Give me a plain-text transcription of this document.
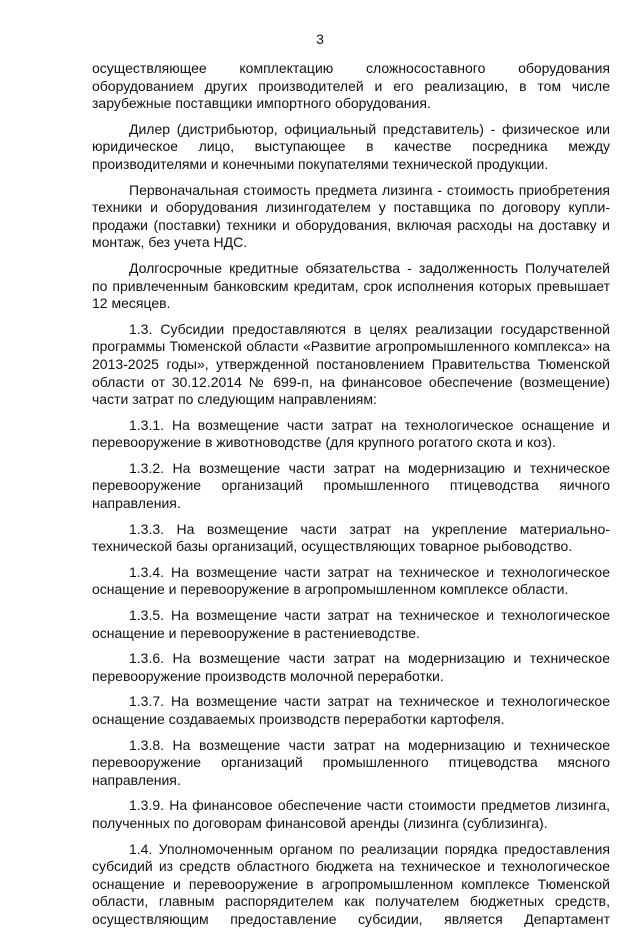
3

осуществляющее комплектацию сложносоставного оборудования оборудованием других производителей и его реализацию, в том числе зарубежные поставщики импортного оборудования.

Дилер (дистрибьютор, официальный представитель) - физическое или юридическое лицо, выступающее в качестве посредника между производителями и конечными покупателями технической продукции.

Первоначальная стоимость предмета лизинга - стоимость приобретения техники и оборудования лизингодателем у поставщика по договору купли-продажи (поставки) техники и оборудования, включая расходы на доставку и монтаж, без учета НДС.

Долгосрочные кредитные обязательства - задолженность Получателей по привлеченным банковским кредитам, срок исполнения которых превышает 12 месяцев.

1.3. Субсидии предоставляются в целях реализации государственной программы Тюменской области «Развитие агропромышленного комплекса» на 2013-2025 годы», утвержденной постановлением Правительства Тюменской области от 30.12.2014 № 699-п, на финансовое обеспечение (возмещение) части затрат по следующим направлениям:

1.3.1. На возмещение части затрат на технологическое оснащение и перевооружение в животноводстве (для крупного рогатого скота и коз).

1.3.2. На возмещение части затрат на модернизацию и техническое перевооружение организаций промышленного птицеводства яичного направления.

1.3.3. На возмещение части затрат на укрепление материально-технической базы организаций, осуществляющих товарное рыбоводство.

1.3.4. На возмещение части затрат на техническое и технологическое оснащение и перевооружение в агропромышленном комплексе области.

1.3.5. На возмещение части затрат на техническое и технологическое оснащение и перевооружение в растениеводстве.

1.3.6. На возмещение части затрат на модернизацию и техническое перевооружение производств молочной переработки.

1.3.7. На возмещение части затрат на техническое и технологическое оснащение создаваемых производств переработки картофеля.

1.3.8. На возмещение части затрат на модернизацию и техническое перевооружение организаций промышленного птицеводства мясного направления.

1.3.9. На финансовое обеспечение части стоимости предметов лизинга, полученных по договорам финансовой аренды (лизинга (сублизинга).

1.4. Уполномоченным органом по реализации порядка предоставления субсидий из средств областного бюджета на техническое и технологическое оснащение и перевооружение в агропромышленном комплексе Тюменской области, главным распорядителем как получателем бюджетных средств, осуществляющим предоставление субсидии, является Департамент
